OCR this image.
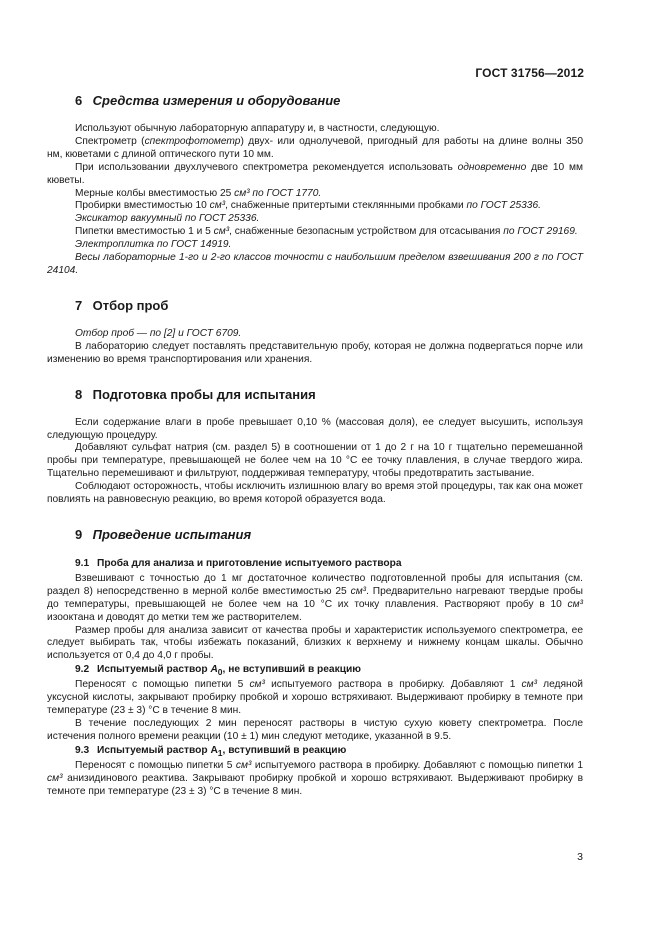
ГОСТ 31756—2012
6 Средства измерения и оборудование

Используют обычную лабораторную аппаратуру и, в частности, следующую.

Спектрометр (спектрофотометр) двух- или однолучевой, пригодный для работы на длине волны 350 нм, кюветами с длиной оптического пути 10 мм.

При использовании двухлучевого спектрометра рекомендуется использовать одновременно две 10 мм кюветы.

Мерные колбы вместимостью 25 см³ по ГОСТ 1770.

Пробирки вместимостью 10 см³, снабженные притертыми стеклянными пробками по ГОСТ 25336.

Эксикатор вакуумный по ГОСТ 25336.

Пипетки вместимостью 1 и 5 см³, снабженные безопасным устройством для отсасывания по ГОСТ 29169.

Электроплитка по ГОСТ 14919.

Весы лабораторные 1-го и 2-го классов точности с наибольшим пределом взвешивания 200 г по ГОСТ 24104.

7 Отбор проб

Отбор проб — по [2] и ГОСТ 6709.

В лабораторию следует поставлять представительную пробу, которая не должна подвергаться порче или изменению во время транспортирования или хранения.

8 Подготовка пробы для испытания

Если содержание влаги в пробе превышает 0,10 % (массовая доля), ее следует высушить, используя следующую процедуру.

Добавляют сульфат натрия (см. раздел 5) в соотношении от 1 до 2 г на 10 г тщательно перемешанной пробы при температуре, превышающей не более чем на 10 °С ее точку плавления, в случае твердого жира. Тщательно перемешивают и фильтруют, поддерживая температуру, чтобы предотвратить застывание.

Соблюдают осторожность, чтобы исключить излишнюю влагу во время этой процедуры, так как она может повлиять на равновесную реакцию, во время которой образуется вода.

9 Проведение испытания
9.1 Проба для анализа и приготовление испытуемого раствора

Взвешивают с точностью до 1 мг достаточное количество подготовленной пробы для испытания (см. раздел 8) непосредственно в мерной колбе вместимостью 25 см³. Предварительно нагревают твердые пробы до температуры, превышающей не более чем на 10 °С их точку плавления. Растворяют пробу в 10 см³ изооктана и доводят до метки тем же растворителем.

Размер пробы для анализа зависит от качества пробы и характеристик используемого спектрометра, ее следует выбирать так, чтобы избежать показаний, близких к верхнему и нижнему концам шкалы. Обычно используется от 0,4 до 4,0 г пробы.

9.2 Испытуемый раствор $A_0$, не вступивший в реакцию

Переносят с помощью пипетки 5 см³ испытуемого раствора в пробирку. Добавляют 1 см³ ледяной уксусной кислоты, закрывают пробирку пробкой и хорошо встряхивают. Выдерживают пробирку в темноте при температуре (23 ± 3) °С в течение 8 мин.

В течение последующих 2 мин переносят растворы в чистую сухую кювету спектрометра. После истечения полного времени реакции (10 ± 1) мин следуют методике, указанной в 9.5.

9.3 Испытуемый раствор $A_1$, вступивший в реакцию

Переносят с помощью пипетки 5 см³ испытуемого раствора в пробирку. Добавляют с помощью пипетки 1 см³ анизидинового реактива. Закрывают пробирку пробкой и хорошо встряхивают. Выдерживают пробирку в темноте при температуре (23 ± 3) °С в течение 8 мин.

3
